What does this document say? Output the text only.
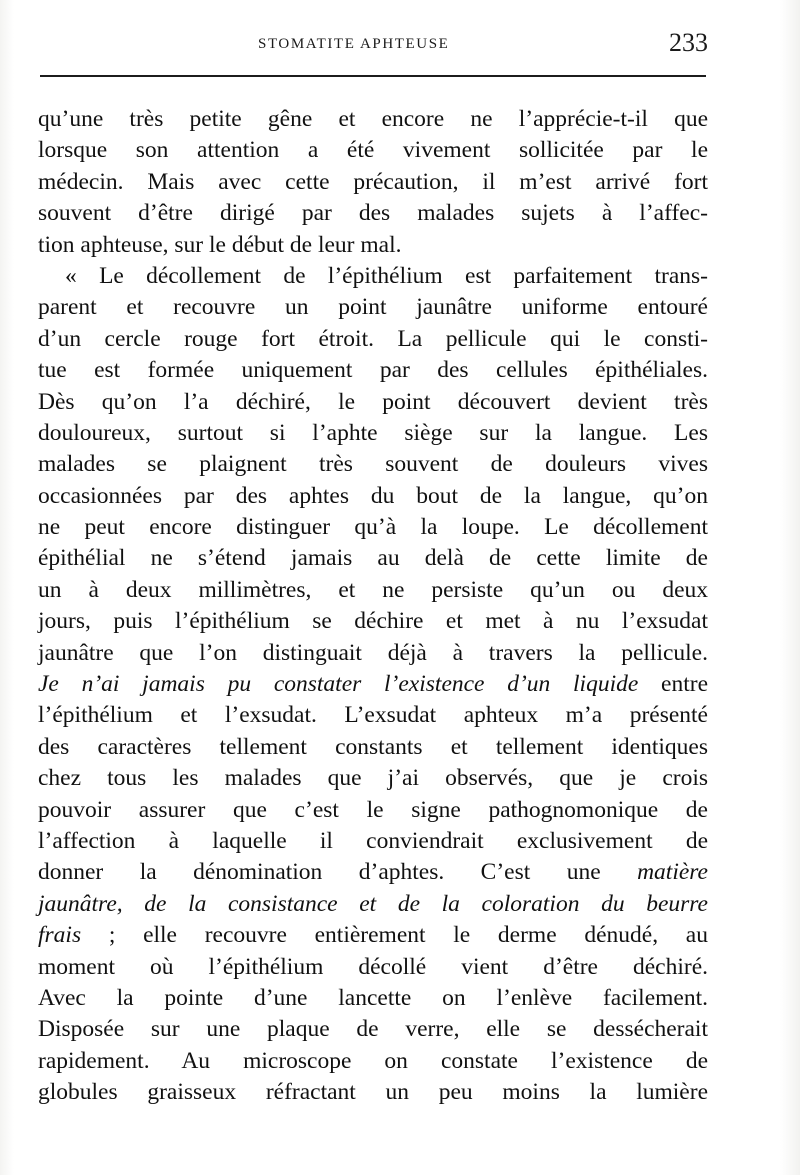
STOMATITE APHTEUSE	233
qu’une très petite gêne et encore ne l’apprécie-t-il que
lorsque son attention a été vivement sollicitée par le
médecin. Mais avec cette précaution, il m’est arrivé fort
souvent d’être dirigé par des malades sujets à l’affec-
tion aphteuse, sur le début de leur mal.
« Le décollement de l’épithélium est parfaitement trans-
parent et recouvre un point jaunâtre uniforme entouré
d’un cercle rouge fort étroit. La pellicule qui le consti-
tue est formée uniquement par des cellules épithéliales.
Dès qu’on l’a déchiré, le point découvert devient très
douloureux, surtout si l’aphte siège sur la langue. Les
malades se plaignent très souvent de douleurs vives
occasionnées par des aphtes du bout de la langue, qu’on
ne peut encore distinguer qu’à la loupe. Le décollement
épithélial ne s’étend jamais au delà de cette limite de
un à deux millimètres, et ne persiste qu’un ou deux
jours, puis l’épithélium se déchire et met à nu l’exsudat
jaunâtre que l’on distinguait déjà à travers la pellicule.
Je n’ai jamais pu constater l’existence d’un liquide entre
l’épithélium et l’exsudat. L’exsudat aphteux m’a présenté
des caractères tellement constants et tellement identiques
chez tous les malades que j’ai observés, que je crois
pouvoir assurer que c’est le signe pathognomonique de
l’affection à laquelle il conviendrait exclusivement de
donner la dénomination d’aphtes. C’est une matière
jaunâtre, de la consistance et de la coloration du beurre
frais ; elle recouvre entièrement le derme dénudé, au
moment où l’épithélium décollé vient d’être déchiré.
Avec la pointe d’une lancette on l’enlève facilement.
Disposée sur une plaque de verre, elle se dessécherait
rapidement. Au microscope on constate l’existence de
globules graisseux réfractant un peu moins la lumière
